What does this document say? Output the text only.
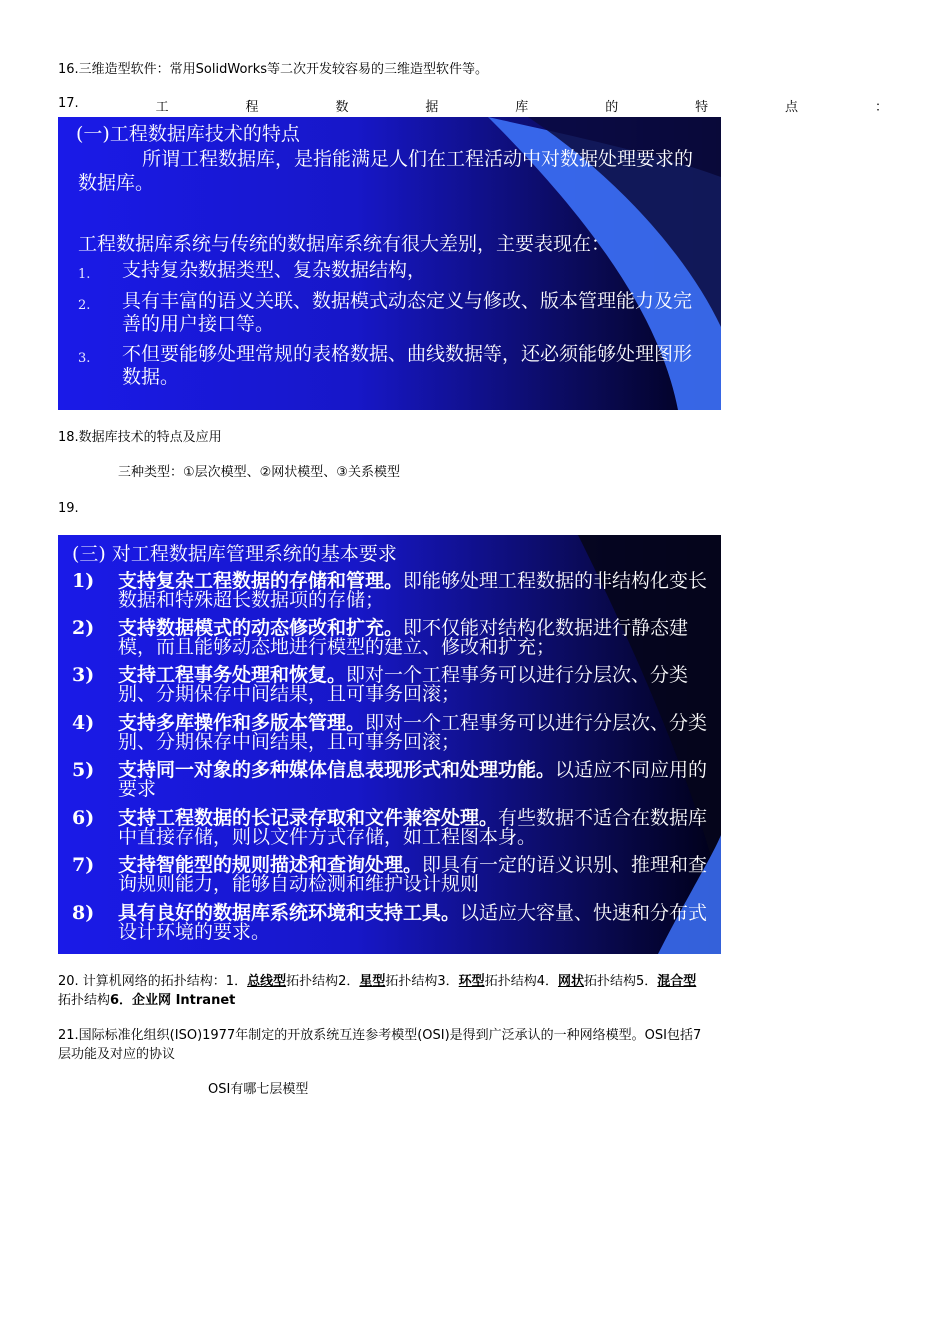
16.三维造型软件：常用SolidWorks等二次开发较容易的三维造型软件等。
17.	工	程	数	据	库	的	特	点	：
(一)工程数据库技术的特点
所谓工程数据库，是指能满足人们在工程活动中对数据处理要求的数据库。
工程数据库系统与传统的数据库系统有很大差别，主要表现在：
1. 支持复杂数据类型、复杂数据结构，
2. 具有丰富的语义关联、数据模式动态定义与修改、版本管理能力及完善的用户接口等。
3. 不但要能够处理常规的表格数据、曲线数据等，还必须能够处理图形数据。
18.数据库技术的特点及应用
三种类型：①层次模型、②网状模型、③关系模型
19.
(三) 对工程数据库管理系统的基本要求
1) 支持复杂工程数据的存储和管理。即能够处理工程数据的非结构化变长数据和特殊超长数据项的存储；
2) 支持数据模式的动态修改和扩充。即不仅能对结构化数据进行静态建模，而且能够动态地进行模型的建立、修改和扩充；
3) 支持工程事务处理和恢复。即对一个工程事务可以进行分层次、分类别、分期保存中间结果，且可事务回滚；
4) 支持多库操作和多版本管理。即对一个工程事务可以进行分层次、分类别、分期保存中间结果，且可事务回滚；
5) 支持同一对象的多种媒体信息表现形式和处理功能。以适应不同应用的要求
6) 支持工程数据的长记录存取和文件兼容处理。有些数据不适合在数据库中直接存储，则以文件方式存储，如工程图本身。
7) 支持智能型的规则描述和查询处理。即具有一定的语义识别、推理和查询规则能力，能够自动检测和维护设计规则
8) 具有良好的数据库系统环境和支持工具。以适应大容量、快速和分布式设计环境的要求。
20. 计算机网络的拓扑结构：1．总线型拓扑结构2．星型拓扑结构3．环型拓扑结构4．网状拓扑结构5．混合型
拓扑结构6．企业网 Intranet
21.国际标准化组织(ISO)1977年制定的开放系统互连参考模型(OSI)是得到广泛承认的一种网络模型。OSI包括7
层功能及对应的协议
OSI有哪七层模型
